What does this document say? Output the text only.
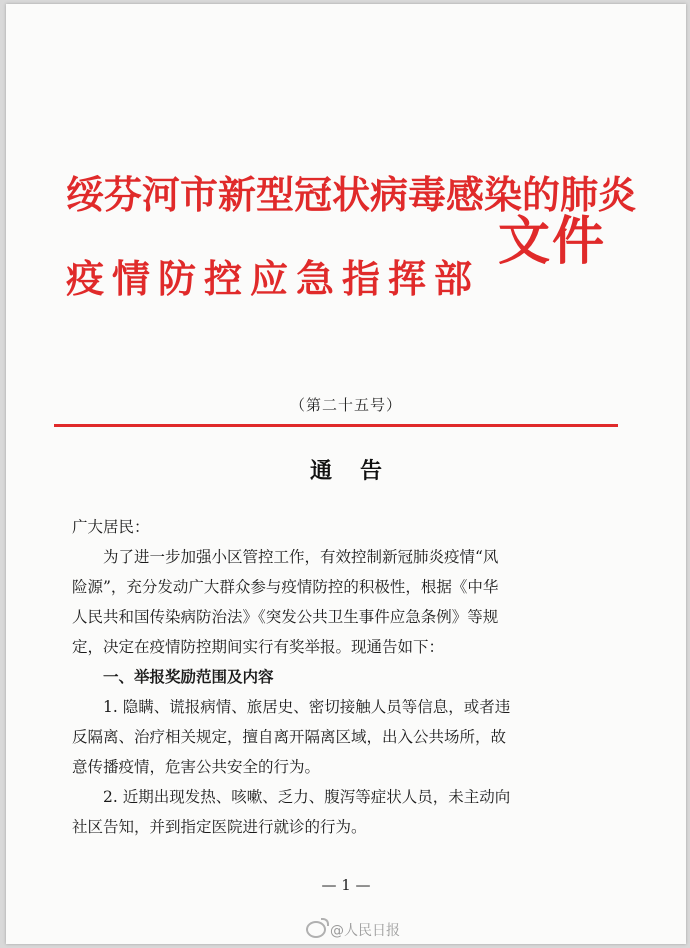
绥芬河市新型冠状病毒感染的肺炎
疫情防控应急指挥部
文件
（第二十五号）
通告

广大居民：

为了进一步加强小区管控工作，有效控制新冠肺炎疫情“风

险源”，充分发动广大群众参与疫情防控的积极性，根据《中华

人民共和国传染病防治法》《突发公共卫生事件应急条例》等规

定，决定在疫情防控期间实行有奖举报。现通告如下：

一、举报奖励范围及内容

1. 隐瞒、谎报病情、旅居史、密切接触人员等信息，或者违

反隔离、治疗相关规定，擅自离开隔离区域，出入公共场所，故

意传播疫情，危害公共安全的行为。

2. 近期出现发热、咳嗽、乏力、腹泻等症状人员，未主动向

社区告知，并到指定医院进行就诊的行为。

— 1 —
@人民日报
